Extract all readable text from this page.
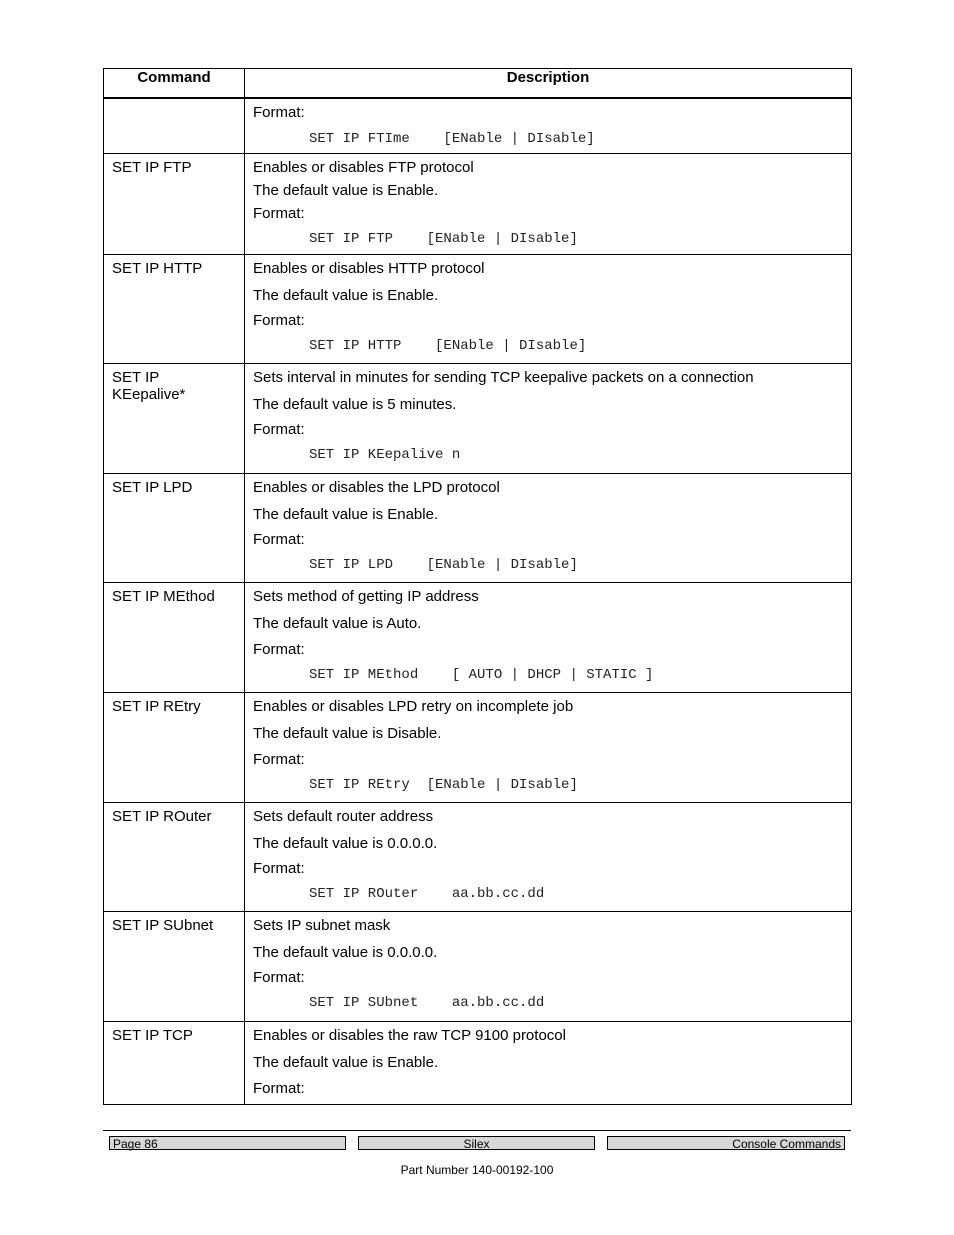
Command	Description

	Format:
SET IP FTIme    [ENable | DIsable]

SET IP FTP	Enables or disables FTP protocol
The default value is Enable.
Format:
SET IP FTP    [ENable | DIsable]

SET IP HTTP	Enables or disables HTTP protocol
The default value is Enable.
Format:
SET IP HTTP    [ENable | DIsable]

SET IP KEepalive*	Sets interval in minutes for sending TCP keepalive packets on a connection
The default value is 5 minutes.
Format:
SET IP KEepalive n

SET IP LPD	Enables or disables the LPD protocol
The default value is Enable.
Format:
SET IP LPD    [ENable | DIsable]

SET IP MEthod	Sets method of getting IP address
The default value is Auto.
Format:
SET IP MEthod    [ AUTO | DHCP | STATIC ]

SET IP REtry	Enables or disables LPD retry on incomplete job
The default value is Disable.
Format:
SET IP REtry  [ENable | DIsable]

SET IP ROuter	Sets default router address
The default value is 0.0.0.0.
Format:
SET IP ROuter    aa.bb.cc.dd

SET IP SUbnet	Sets IP subnet mask
The default value is 0.0.0.0.
Format:
SET IP SUbnet    aa.bb.cc.dd

SET IP TCP	Enables or disables the raw TCP 9100 protocol
The default value is Enable.
Format:
Page 86	Silex	Console Commands
Part Number 140-00192-100
